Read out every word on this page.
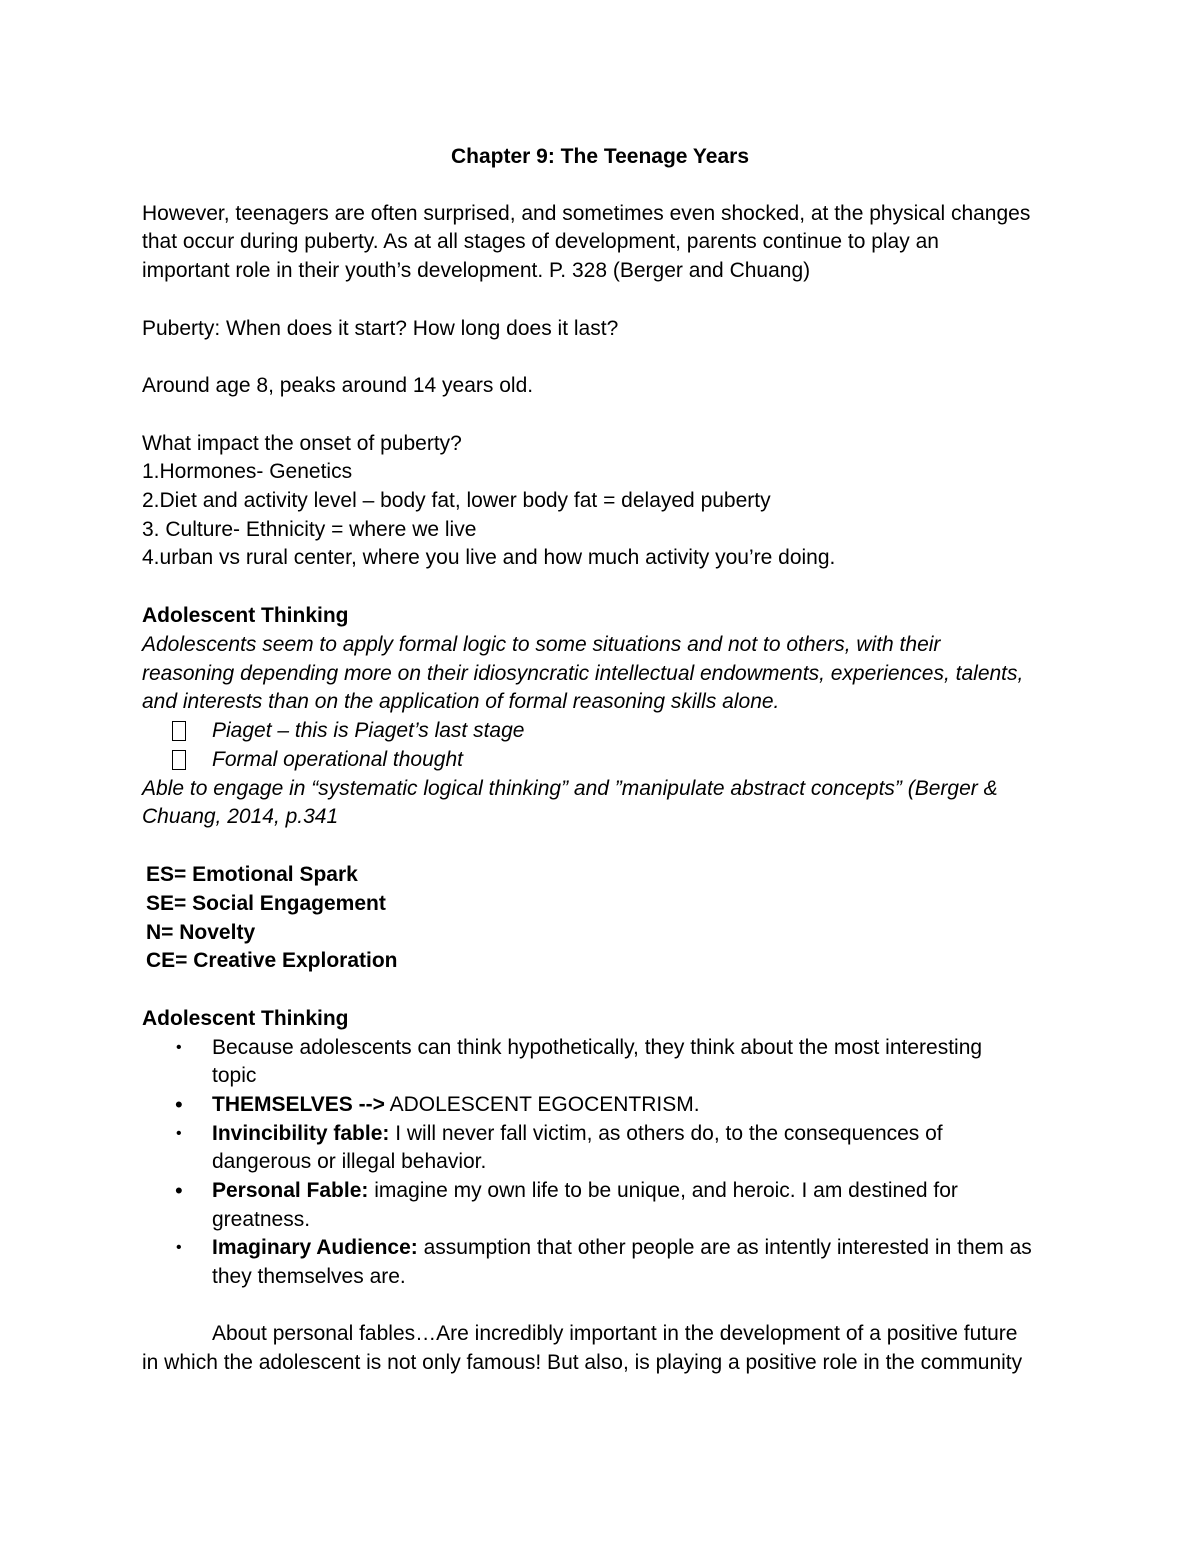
Chapter 9: The Teenage Years
However, teenagers are often surprised, and sometimes even shocked, at the physical changes
that occur during puberty. As at all stages of development, parents continue to play an
important role in their youth’s development. P. 328 (Berger and Chuang)
Puberty: When does it start? How long does it last?
Around age 8, peaks around 14 years old.
What impact the onset of puberty?
1.Hormones- Genetics
2.Diet and activity level – body fat, lower body fat = delayed puberty
3. Culture- Ethnicity = where we live
4.urban vs rural center, where you live and how much activity you’re doing.
Adolescent Thinking
Adolescents seem to apply formal logic to some situations and not to others, with their
reasoning depending more on their idiosyncratic intellectual endowments, experiences, talents,
and interests than on the application of formal reasoning skills alone.
Piaget – this is Piaget’s last stage
Formal operational thought
Able to engage in “systematic logical thinking” and ”manipulate abstract concepts” (Berger &
Chuang, 2014, p.341
ES= Emotional Spark
SE= Social Engagement
N= Novelty
CE= Creative Exploration
Adolescent Thinking
• Because adolescents can think hypothetically, they think about the most interesting
topic
• THEMSELVES --> ADOLESCENT EGOCENTRISM.
• Invincibility fable: I will never fall victim, as others do, to the consequences of
dangerous or illegal behavior.
• Personal Fable: imagine my own life to be unique, and heroic. I am destined for
greatness.
• Imaginary Audience: assumption that other people are as intently interested in them as
they themselves are.
About personal fables…Are incredibly important in the development of a positive future
in which the adolescent is not only famous! But also, is playing a positive role in the community
